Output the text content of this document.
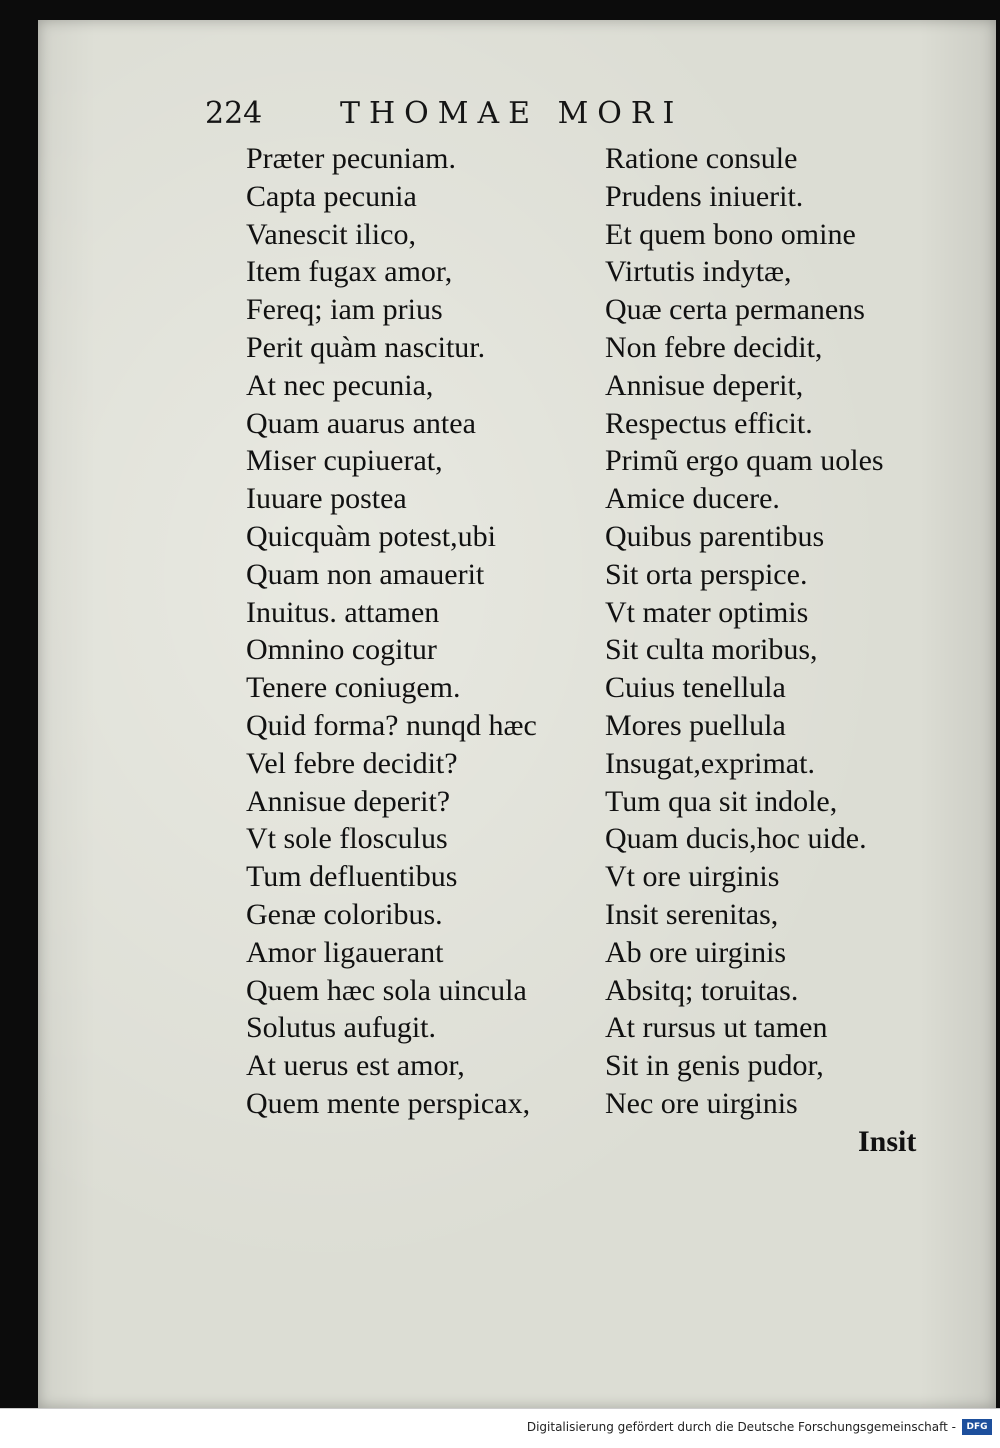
224	THOMAE MORI
Præter pecuniam.
Capta pecunia
Vanescit ilico,
Item fugax amor,
Fereq; iam prius
Perit quàm nascitur.
At nec pecunia,
Quam auarus antea
Miser cupiuerat,
Iuuare postea
Quicquàm potest,ubi
Quam non amauerit
Inuitus. attamen
Omnino cogitur
Tenere coniugem.
Quid forma? nunqd hæc
Vel febre decidit?
Annisue deperit?
Vt sole flosculus
Tum defluentibus
Genæ coloribus.
Amor ligauerant
Quem hæc sola uincula
Solutus aufugit.
At uerus est amor,
Quem mente perspicax,
Ratione consule
Prudens iniuerit.
Et quem bono omine
Virtutis indytæ,
Quæ certa permanens
Non febre decidit,
Annisue deperit,
Respectus efficit.
Primũ ergo quam uoles
Amice ducere.
Quibus parentibus
Sit orta perspice.
Vt mater optimis
Sit culta moribus,
Cuius tenellula
Mores puellula
Insugat,exprimat.
Tum qua sit indole,
Quam ducis,hoc uide.
Vt ore uirginis
Insit serenitas,
Ab ore uirginis
Absitq; toruitas.
At rursus ut tamen
Sit in genis pudor,
Nec ore uirginis
Insit
Digitalisierung gefördert durch die Deutsche Forschungsgemeinschaft -	DFG
